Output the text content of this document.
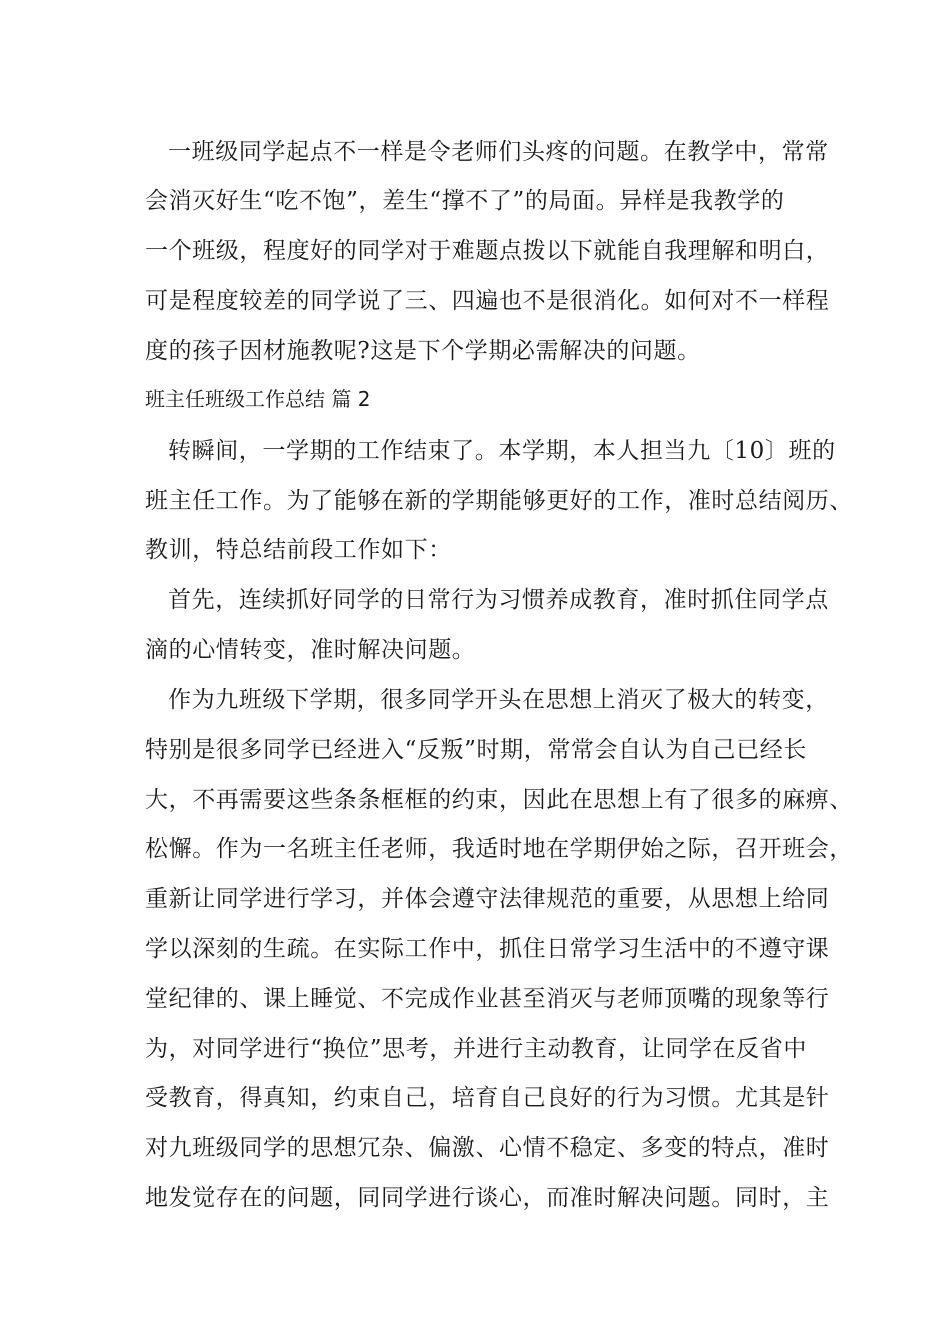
一班级同学起点不一样是令老师们头疼的问题。在教学中，常常
会消灭好生“吃不饱”，差生“撑不了”的局面。异样是我教学的
一个班级，程度好的同学对于难题点拨以下就能自我理解和明白，
可是程度较差的同学说了三、四遍也不是很消化。如何对不一样程
度的孩子因材施教呢?这是下个学期必需解决的问题。
班主任班级工作总结 篇 2
转瞬间，一学期的工作结束了。本学期，本人担当九〔10〕班的
班主任工作。为了能够在新的学期能够更好的工作，准时总结阅历、
教训，特总结前段工作如下：
首先，连续抓好同学的日常行为习惯养成教育，准时抓住同学点
滴的心情转变，准时解决问题。
作为九班级下学期，很多同学开头在思想上消灭了极大的转变，
特别是很多同学已经进入“反叛”时期，常常会自认为自己已经长
大，不再需要这些条条框框的约束，因此在思想上有了很多的麻痹、
松懈。作为一名班主任老师，我适时地在学期伊始之际，召开班会，
重新让同学进行学习，并体会遵守法律规范的重要，从思想上给同
学以深刻的生疏。在实际工作中，抓住日常学习生活中的不遵守课
堂纪律的、课上睡觉、不完成作业甚至消灭与老师顶嘴的现象等行
为，对同学进行“换位”思考，并进行主动教育，让同学在反省中
受教育，得真知，约束自己，培育自己良好的行为习惯。尤其是针
对九班级同学的思想冗杂、偏激、心情不稳定、多变的特点，准时
地发觉存在的问题，同同学进行谈心，而准时解决问题。同时，主
